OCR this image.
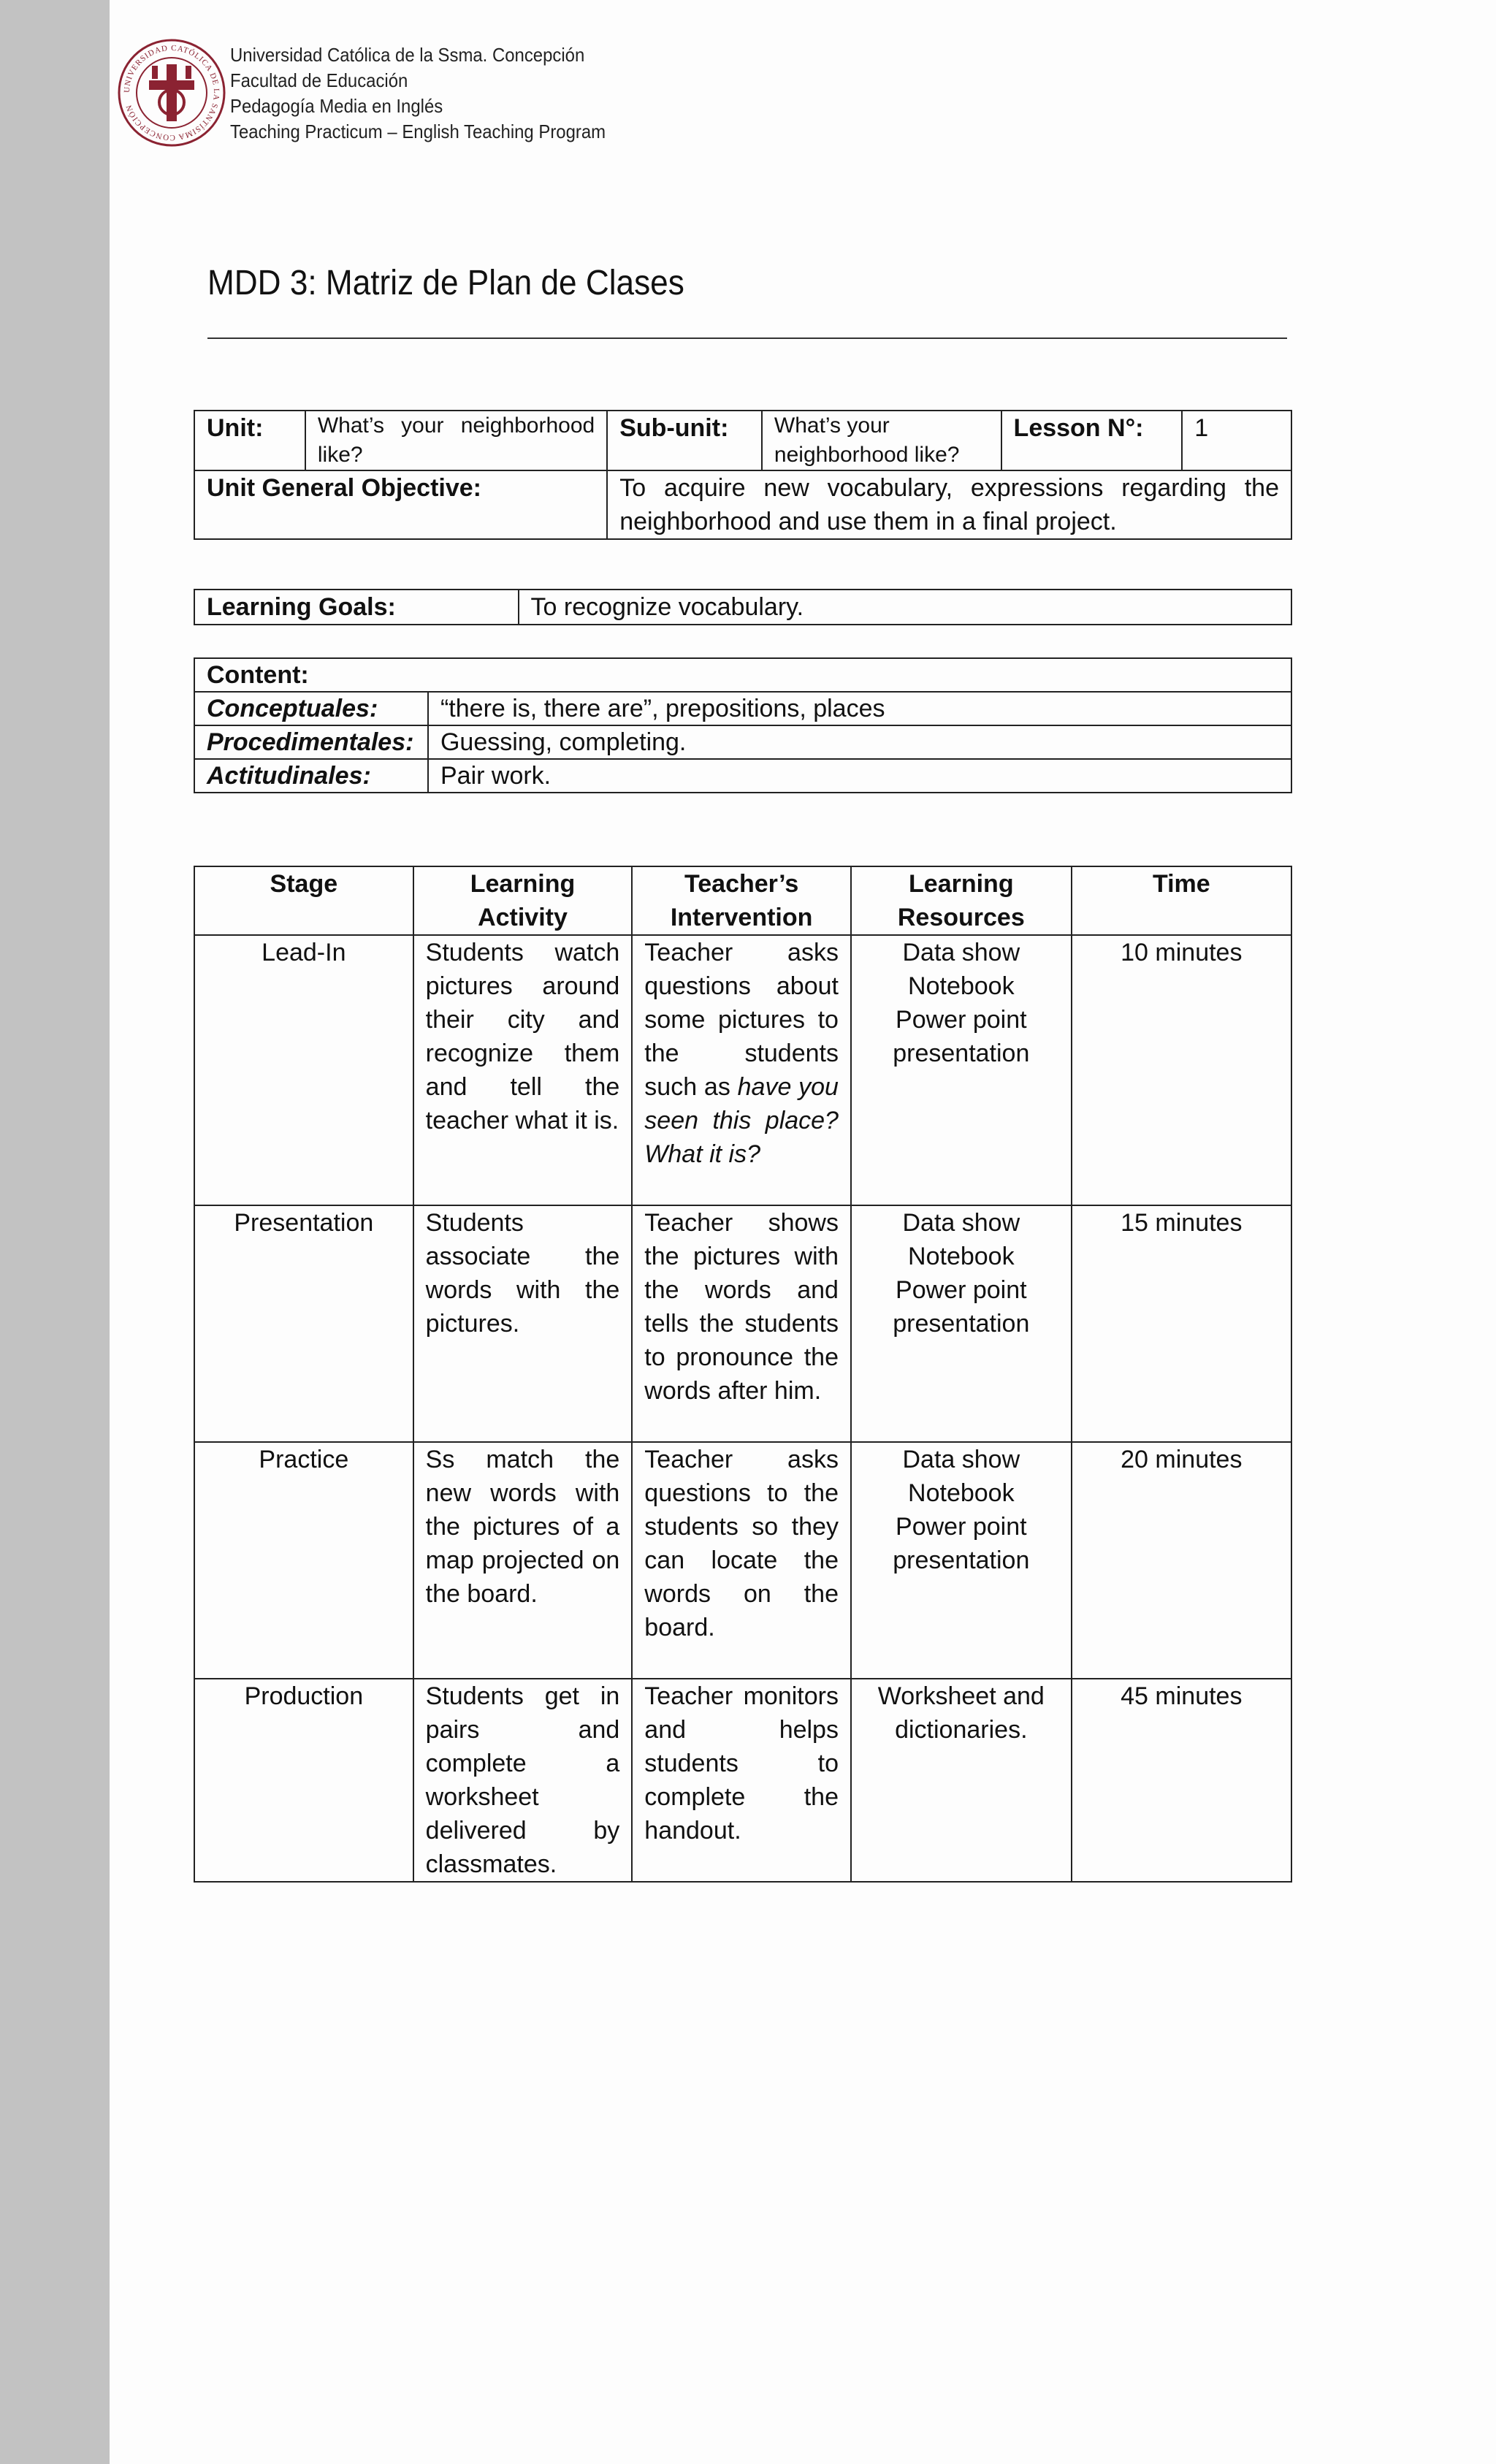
UNIVERSIDAD CATÓLICA DE LA SANTÍSIMA CONCEPCIÓN
Universidad Católica de la Ssma. Concepción
Facultad de Educación
Pedagogía Media en Inglés
Teaching Practicum – English Teaching Program
MDD 3: Matriz de Plan de Clases
Unit:	What’s your neighborhood like?	Sub-unit:	What’s your neighborhood like?	Lesson N°:	1
Unit General Objective:		To acquire new vocabulary, expressions regarding the neighborhood and use them in a final project.			
Learning Goals:	To recognize vocabulary.
Content:	
Conceptuales:	“there is, there are”, prepositions, places
Procedimentales:	Guessing, completing.
Actitudinales:	Pair work.
Stage	Learning Activity	Teacher’s Intervention	Learning Resources	Time
Lead-In	Students watch pictures around their city and recognize them and tell the teacher what it is.	Teacher asks questions about some pictures to the students such as have you seen this place? What it is?	Data show
Notebook
Power point presentation	10 minutes
Presentation	Students associate the words with the pictures.	Teacher shows the pictures with the words and tells the students to pronounce the words after him.	Data show
Notebook
Power point presentation	15 minutes
Practice	Ss match the new words with the pictures of a map projected on the board.	Teacher asks questions to the students so they can locate the words on the board.	Data show
Notebook
Power point presentation	20 minutes
Production	Students get in pairs and complete a worksheet delivered by classmates.	Teacher monitors and helps students to complete the handout.	Worksheet and dictionaries.	45 minutes
